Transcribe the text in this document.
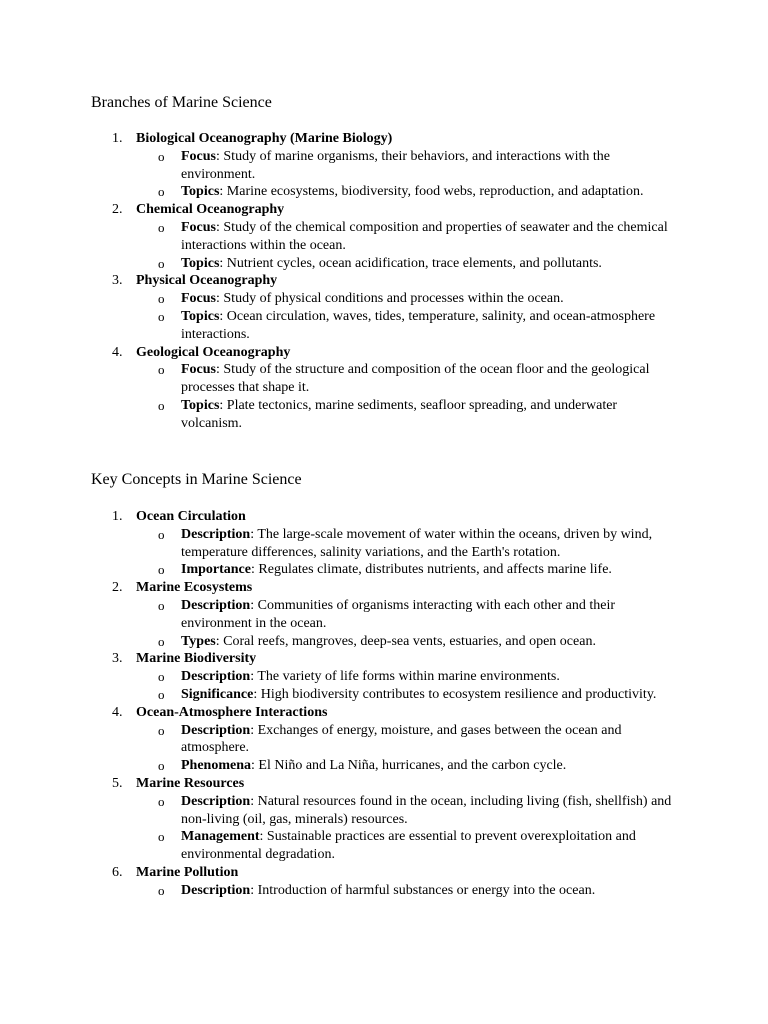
Branches of Marine Science
1. Biological Oceanography (Marine Biology)
o Focus: Study of marine organisms, their behaviors, and interactions with the environment.
o Topics: Marine ecosystems, biodiversity, food webs, reproduction, and adaptation.
2. Chemical Oceanography
o Focus: Study of the chemical composition and properties of seawater and the chemical interactions within the ocean.
o Topics: Nutrient cycles, ocean acidification, trace elements, and pollutants.
3. Physical Oceanography
o Focus: Study of physical conditions and processes within the ocean.
o Topics: Ocean circulation, waves, tides, temperature, salinity, and ocean-atmosphere interactions.
4. Geological Oceanography
o Focus: Study of the structure and composition of the ocean floor and the geological processes that shape it.
o Topics: Plate tectonics, marine sediments, seafloor spreading, and underwater volcanism.
Key Concepts in Marine Science
1. Ocean Circulation
o Description: The large-scale movement of water within the oceans, driven by wind, temperature differences, salinity variations, and the Earth's rotation.
o Importance: Regulates climate, distributes nutrients, and affects marine life.
2. Marine Ecosystems
o Description: Communities of organisms interacting with each other and their environment in the ocean.
o Types: Coral reefs, mangroves, deep-sea vents, estuaries, and open ocean.
3. Marine Biodiversity
o Description: The variety of life forms within marine environments.
o Significance: High biodiversity contributes to ecosystem resilience and productivity.
4. Ocean-Atmosphere Interactions
o Description: Exchanges of energy, moisture, and gases between the ocean and atmosphere.
o Phenomena: El Niño and La Niña, hurricanes, and the carbon cycle.
5. Marine Resources
o Description: Natural resources found in the ocean, including living (fish, shellfish) and non-living (oil, gas, minerals) resources.
o Management: Sustainable practices are essential to prevent overexploitation and environmental degradation.
6. Marine Pollution
o Description: Introduction of harmful substances or energy into the ocean.
